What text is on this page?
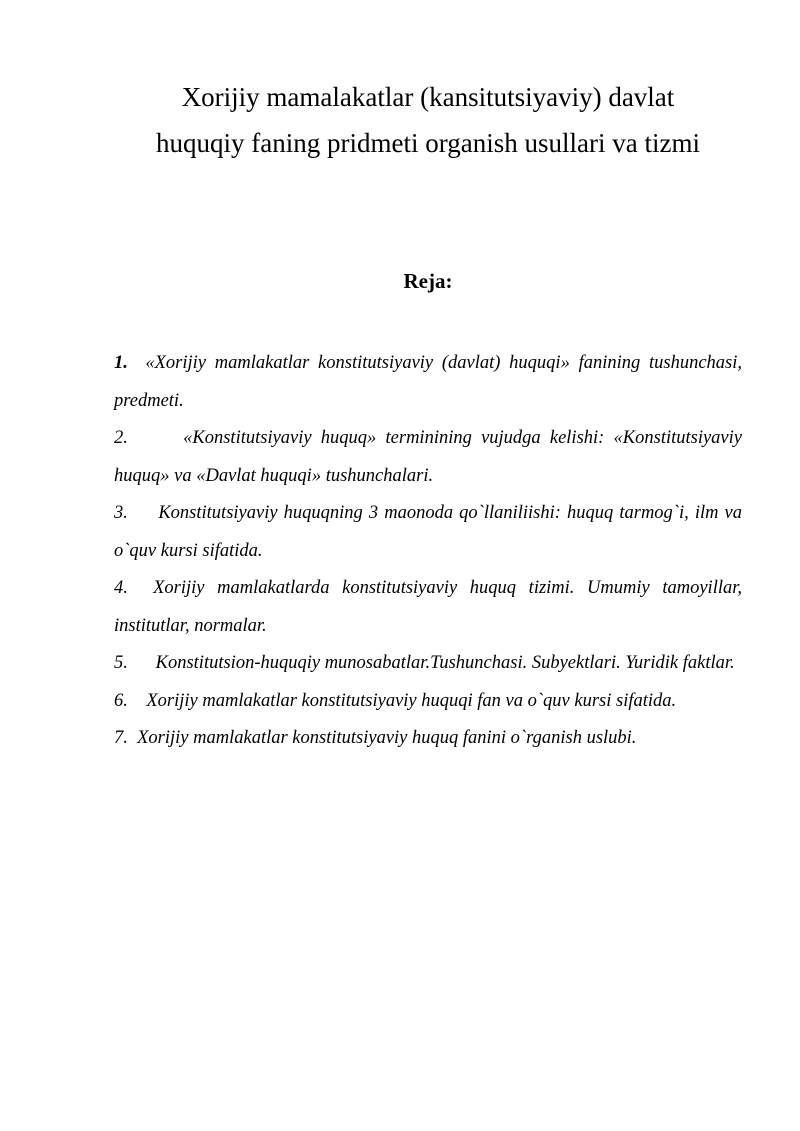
Xorijiy mamalakatlar (kansitutsiyaviy) davlat
huquqiy faning pridmeti organish usullari va tizmi
Reja:
1. «Xorijiy mamlakatlar konstitutsiyaviy (davlat) huquqi» fanining tushunchasi, predmeti.
2.	«Konstitutsiyaviy huquq» terminining vujudga kelishi: «Konstitutsiyaviy huquq» va «Davlat huquqi» tushunchalari.
3. Konstitutsiyaviy huquqning 3 maonoda qo`llaniliishi: huquq tarmog`i, ilm va o`quv kursi sifatida.
4. Xorijiy mamlakatlarda konstitutsiyaviy huquq tizimi. Umumiy tamoyillar, institutlar, normalar.
5. Konstitutsion-huquqiy munosabatlar.Tushunchasi. Subyektlari. Yuridik faktlar.
6. Xorijiy mamlakatlar konstitutsiyaviy huquqi fan va o`quv kursi sifatida.
7. Xorijiy mamlakatlar konstitutsiyaviy huquq fanini o`rganish uslubi.
